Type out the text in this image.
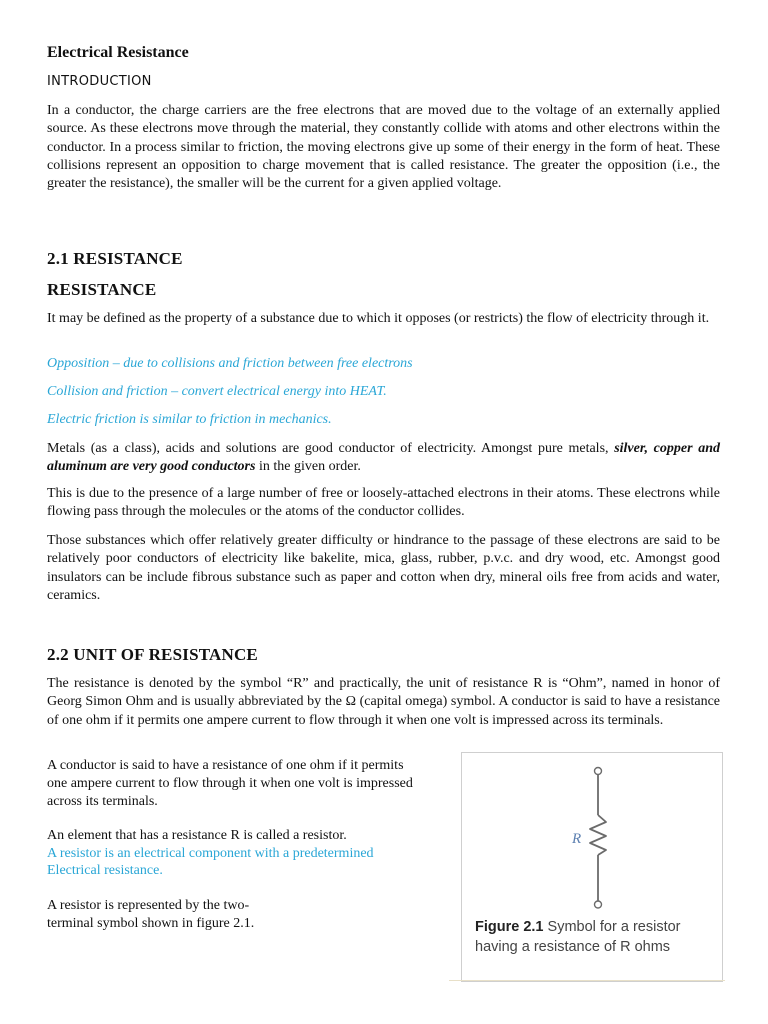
Electrical Resistance
INTRODUCTION

In a conductor, the charge carriers are the free electrons that are moved due to the voltage of an externally applied source. As these electrons move through the material, they constantly collide with atoms and other electrons within the conductor. In a process similar to friction, the moving electrons give up some of their energy in the form of heat. These collisions represent an opposition to charge movement that is called resistance. The greater the opposition (i.e., the greater the resistance), the smaller will be the current for a given applied voltage.

2.1 RESISTANCE
RESISTANCE

It may be defined as the property of a substance due to which it opposes (or restricts) the flow of electricity through it.

Opposition – due to collisions and friction between free electrons
Collision and friction – convert electrical energy into HEAT.
Electric friction is similar to friction in mechanics.

Metals (as a class), acids and solutions are good conductor of electricity. Amongst pure metals, silver, copper and aluminum are very good conductors in the given order.

This is due to the presence of a large number of free or loosely-attached electrons in their atoms. These electrons while flowing pass through the molecules or the atoms of the conductor collides.

Those substances which offer relatively greater difficulty or hindrance to the passage of these electrons are said to be relatively poor conductors of electricity like bakelite, mica, glass, rubber, p.v.c. and dry wood, etc. Amongst good insulators can be include fibrous substance such as paper and cotton when dry, mineral oils free from acids and water, ceramics.

2.2 UNIT OF RESISTANCE

The resistance is denoted by the symbol “R” and practically, the unit of resistance R is “Ohm”, named in honor of Georg Simon Ohm and is usually abbreviated by the Ω (capital omega) symbol. A conductor is said to have a resistance of one ohm if it permits one ampere current to flow through it when one volt is impressed across its terminals.

A conductor is said to have a resistance of one ohm if it permits one ampere current to flow through it when one volt is impressed across its terminals.
An element that has a resistance R is called a resistor.
A resistor is an electrical component with a predetermined Electrical resistance.
A resistor is represented by the two-terminal symbol shown in figure 2.1.
R
Figure 2.1 Symbol for a resistor having a resistance of R ohms
